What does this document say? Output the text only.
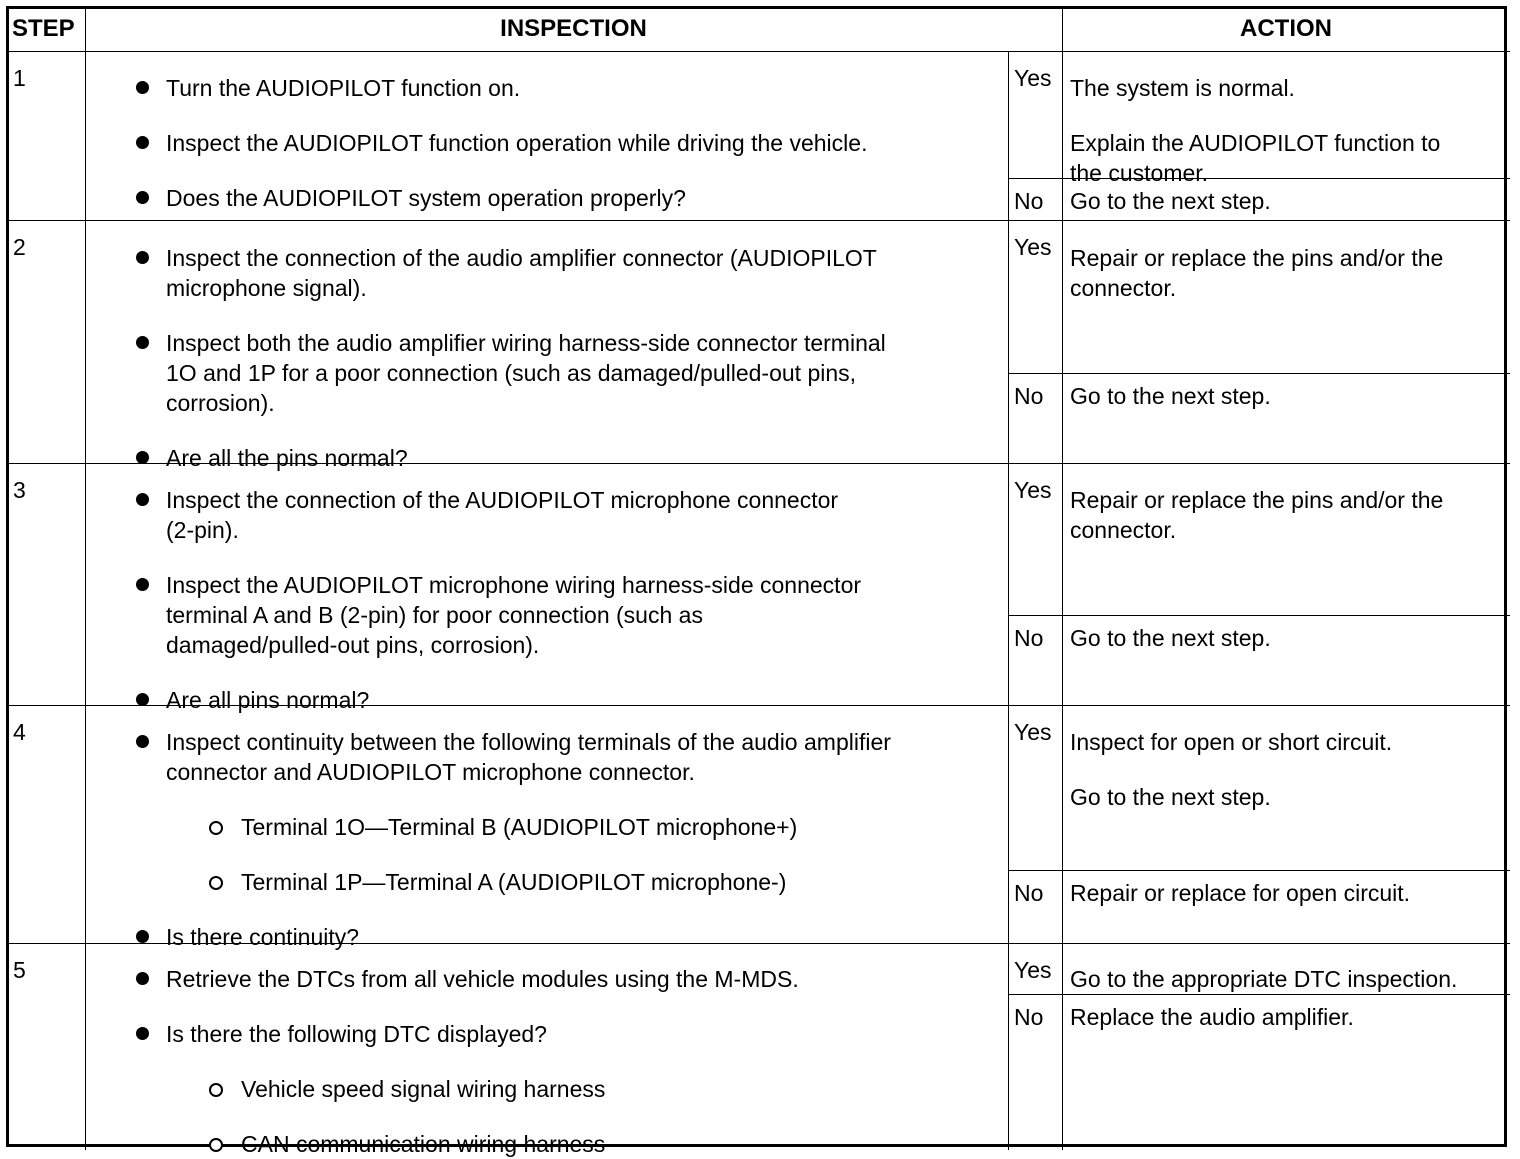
STEP	INSPECTION	ACTION
1	Turn the AUDIOPILOT function on.
Inspect the AUDIOPILOT function operation while driving the vehicle.
Does the AUDIOPILOT system operation properly?
Yes The system is normal.
Explain the AUDIOPILOT function to
the customer.
No Go to the next step.
2	Inspect the connection of the audio amplifier connector (AUDIOPILOT
microphone signal).
Inspect both the audio amplifier wiring harness-side connector terminal
1O and 1P for a poor connection (such as damaged/pulled-out pins,
corrosion).
Are all the pins normal?
Yes Repair or replace the pins and/or the
connector.
No Go to the next step.
3	Inspect the connection of the AUDIOPILOT microphone connector
(2-pin).
Inspect the AUDIOPILOT microphone wiring harness-side connector
terminal A and B (2-pin) for poor connection (such as
damaged/pulled-out pins, corrosion).
Are all pins normal?
Yes Repair or replace the pins and/or the
connector.
No Go to the next step.
4	Inspect continuity between the following terminals of the audio amplifier
connector and AUDIOPILOT microphone connector.
Terminal 1O—Terminal B (AUDIOPILOT microphone+)
Terminal 1P—Terminal A (AUDIOPILOT microphone-)
Is there continuity?
Yes Inspect for open or short circuit.
Go to the next step.
No Repair or replace for open circuit.
5	Retrieve the DTCs from all vehicle modules using the M-MDS.
Is there the following DTC displayed?
Vehicle speed signal wiring harness
CAN communication wiring harness
Yes Go to the appropriate DTC inspection.
No Replace the audio amplifier.
